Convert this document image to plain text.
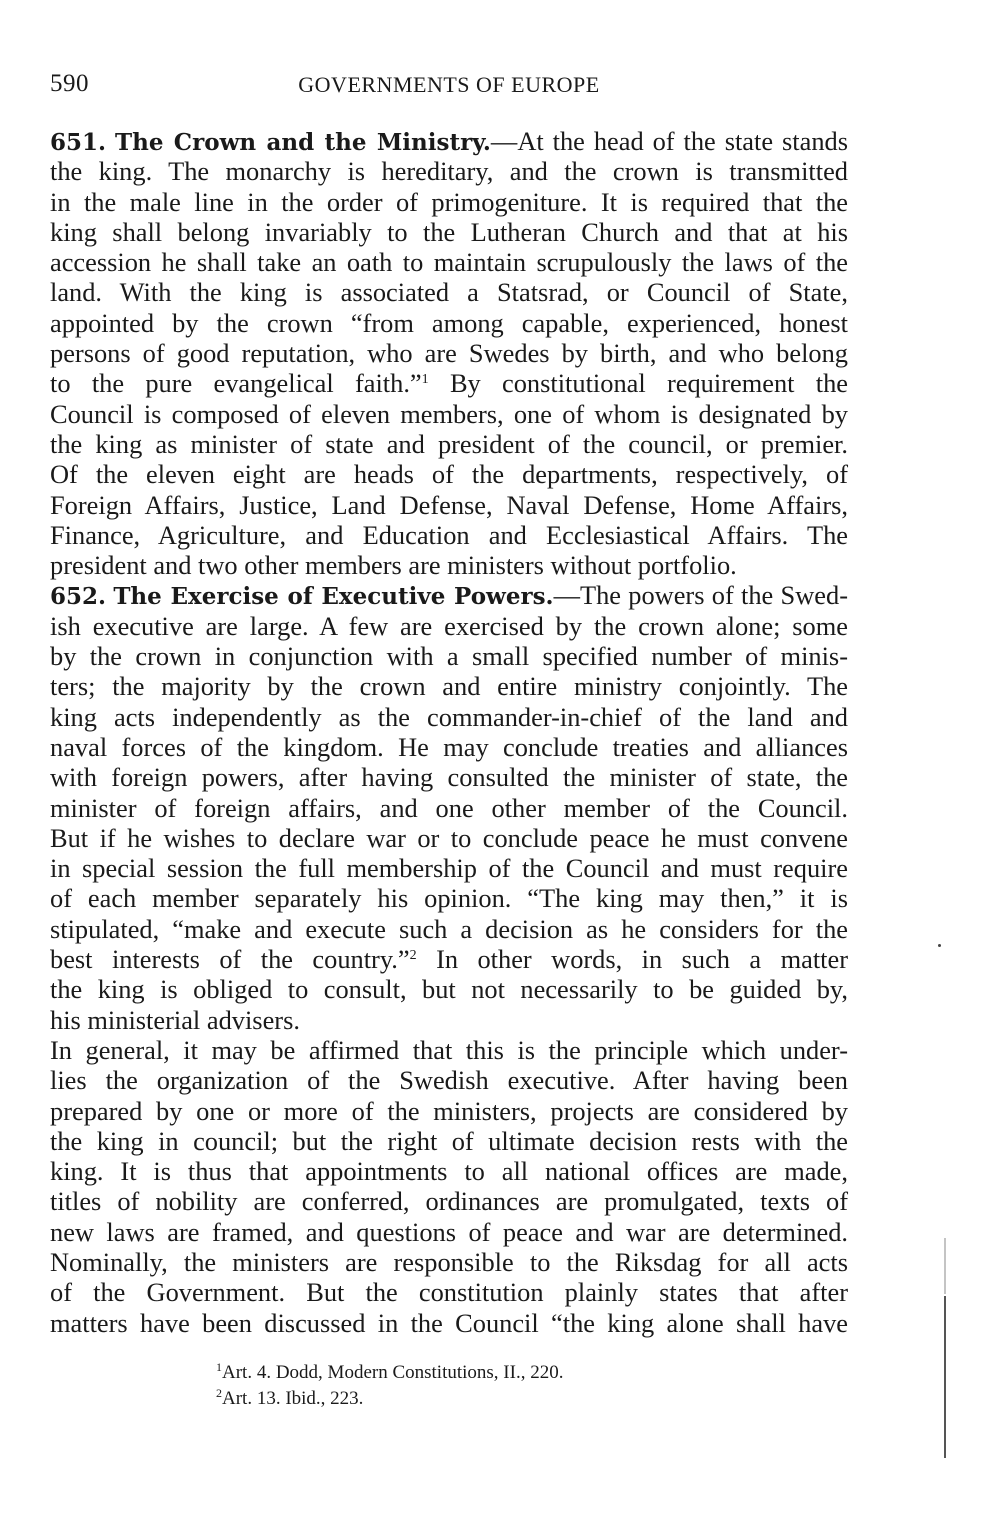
590	GOVERNMENTS OF EUROPE

651. The Crown and the Ministry.—At the head of the state stands
the king. The monarchy is hereditary, and the crown is transmitted
in the male line in the order of primogeniture. It is required that the
king shall belong invariably to the Lutheran Church and that at his
accession he shall take an oath to maintain scrupulously the laws of the
land. With the king is associated a Statsrad, or Council of State,
appointed by the crown “from among capable, experienced, honest
persons of good reputation, who are Swedes by birth, and who belong
to the pure evangelical faith.”$^1$ By constitutional requirement the
Council is composed of eleven members, one of whom is designated by
the king as minister of state and president of the council, or premier.
Of the eleven eight are heads of the departments, respectively, of
Foreign Affairs, Justice, Land Defense, Naval Defense, Home Affairs,
Finance, Agriculture, and Education and Ecclesiastical Affairs. The
president and two other members are ministers without portfolio.

652. The Exercise of Executive Powers.—The powers of the Swed-
ish executive are large. A few are exercised by the crown alone; some
by the crown in conjunction with a small specified number of minis-
ters; the majority by the crown and entire ministry conjointly. The
king acts independently as the commander-in-chief of the land and
naval forces of the kingdom. He may conclude treaties and alliances
with foreign powers, after having consulted the minister of state, the
minister of foreign affairs, and one other member of the Council.
But if he wishes to declare war or to conclude peace he must convene
in special session the full membership of the Council and must require
of each member separately his opinion. “The king may then,” it is
stipulated, “make and execute such a decision as he considers for the
best interests of the country.”$^2$ In other words, in such a matter
the king is obliged to consult, but not necessarily to be guided by,
his ministerial advisers.

In general, it may be affirmed that this is the principle which under-
lies the organization of the Swedish executive. After having been
prepared by one or more of the ministers, projects are considered by
the king in council; but the right of ultimate decision rests with the
king. It is thus that appointments to all national offices are made,
titles of nobility are conferred, ordinances are promulgated, texts of
new laws are framed, and questions of peace and war are determined.
Nominally, the ministers are responsible to the Riksdag for all acts
of the Government. But the constitution plainly states that after
matters have been discussed in the Council “the king alone shall have

$^1$Art. 4. Dodd, Modern Constitutions, II., 220.
$^2$Art. 13. Ibid., 223.
